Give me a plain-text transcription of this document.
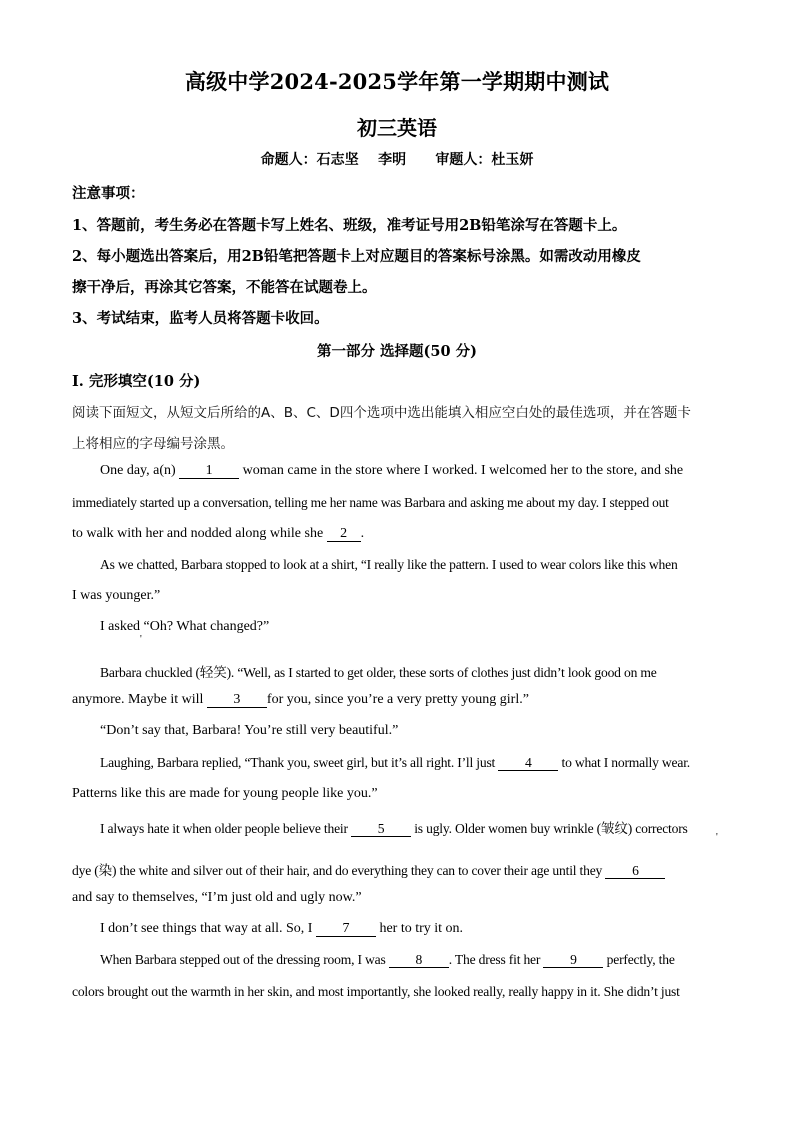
高级中学2024-2025学年第一学期期中测试
初三英语
命题人：石志坚 李明 审题人：杜玉妍
注意事项：
1、答题前，考生务必在答题卡写上姓名、班级，准考证号用2B铅笔涂写在答题卡上。
2、每小题选出答案后，用2B铅笔把答题卡上对应题目的答案标号涂黑。如需改动用橡皮
擦干净后，再涂其它答案，不能答在试题卷上。
3、考试结束，监考人员将答题卡收回。
第一部分 选择题(50 分)
I. 完形填空(10 分)
阅读下面短文，从短文后所给的A、B、C、D四个选项中选出能填入相应空白处的最佳选项，并在答题卡
上将相应的字母编号涂黑。
One day, a(n) 1 woman came in the store where I worked. I welcomed her to the store, and she
immediately started up a conversation, telling me her name was Barbara and asking me about my day. I stepped out
to walk with her and nodded along while she 2 .
As we chatted, Barbara stopped to look at a shirt, “I really like the pattern. I used to wear colors like this when
I was younger.”
I asked “Oh? What changed?”
'
Barbara chuckled (轻笑). “Well, as I started to get older, these sorts of clothes just didn’t look good on me
anymore. Maybe it will 3 for you, since you’re a very pretty young girl.”
“Don’t say that, Barbara! You’re still very beautiful.”
Laughing, Barbara replied, “Thank you, sweet girl, but it’s all right. I’ll just 4 to what I normally wear.
Patterns like this are made for young people like you.”
I always hate it when older people believe their 5 is ugly. Older women buy wrinkle (皱纹) correctors
'
dye (染) the white and silver out of their hair, and do everything they can to cover their age until they 6
and say to themselves, “I’m just old and ugly now.”
I don’t see things that way at all. So, I 7 her to try it on.
When Barbara stepped out of the dressing room, I was 8 . The dress fit her 9 perfectly, the
colors brought out the warmth in her skin, and most importantly, she looked really, really happy in it. She didn’t just
